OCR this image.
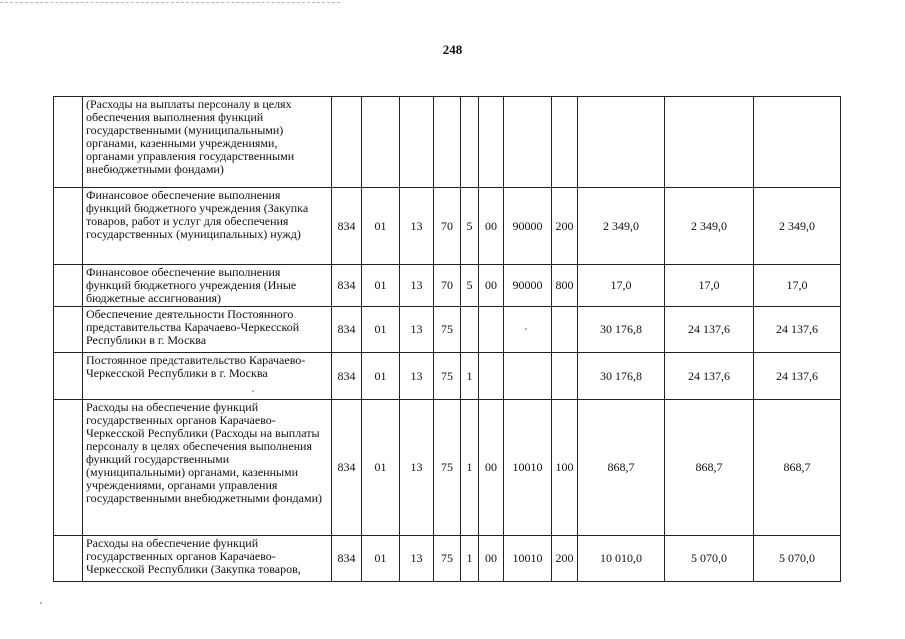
248
	(Расходы на выплаты персоналу в целях обеспечения выполнения функций государственными (муниципальными) органами, казенными учреждениями, органами управления государственными внебюджетными фондами)											
	Финансовое обеспечение выполнения функций бюджетного учреждения (Закупка товаров, работ и услуг для обеспечения государственных (муниципальных) нужд)	834	01	13	70	5	00	90000	200	2 349,0	2 349,0	2 349,0
	Финансовое обеспечение выполнения функций бюджетного учреждения (Иные бюджетные ассигнования)	834	01	13	70	5	00	90000	800	17,0	17,0	17,0
	Обеспечение деятельности Постоянного представительства Карачаево-Черкесской Республики в г. Москва	834	01	13	75					30 176,8	24 137,6	24 137,6
	Постоянное представительство Карачаево-Черкесской Республики в г. Москва	834	01	13	75	1				30 176,8	24 137,6	24 137,6
	Расходы на обеспечение функций государственных органов Карачаево-Черкесской Республики (Расходы на выплаты персоналу в целях обеспечения выполнения функций государственными (муниципальными) органами, казенными учреждениями, органами управления государственными внебюджетными фондами)	834	01	13	75	1	00	10010	100	868,7	868,7	868,7
	Расходы на обеспечение функций государственных органов Карачаево-Черкесской Республики (Закупка товаров,	834	01	13	75	1	00	10010	200	10 010,0	5 070,0	5 070,0
